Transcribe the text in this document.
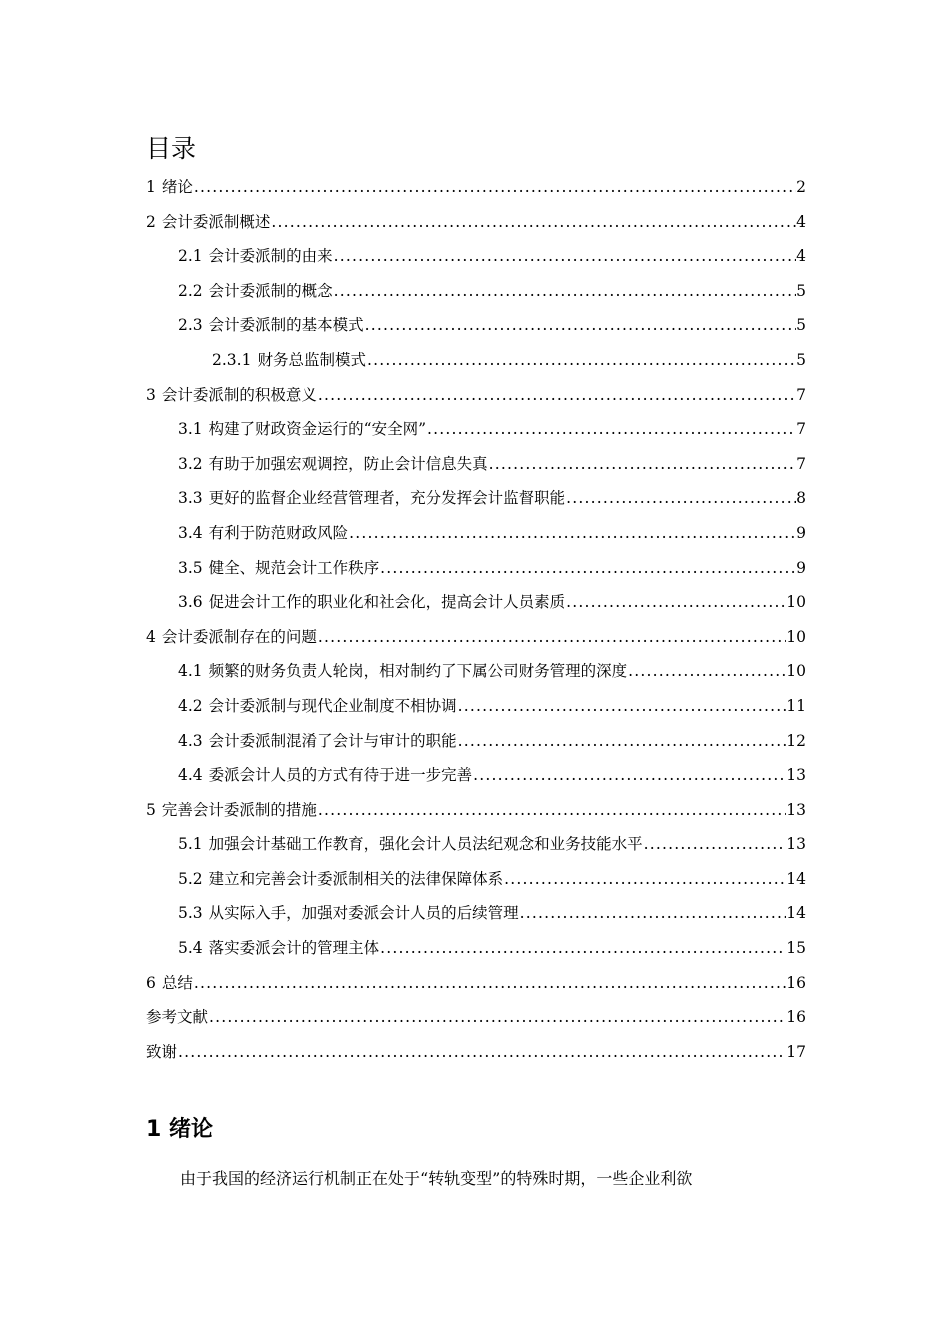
目录
1 绪论 .....	2
2 会计委派制概述 .....	4
2.1 会计委派制的由来 .....	4
2.2 会计委派制的概念 .....	5
2.3 会计委派制的基本模式 .....	5
2.3.1 财务总监制模式 .....	5
3 会计委派制的积极意义 .....	7
3.1 构建了财政资金运行的“安全网” .....	7
3.2 有助于加强宏观调控，防止会计信息失真 .....	7
3.3 更好的监督企业经营管理者，充分发挥会计监督职能 .....	8
3.4 有利于防范财政风险 .....	9
3.5 健全、规范会计工作秩序 .....	9
3.6 促进会计工作的职业化和社会化，提高会计人员素质 .....	10
4 会计委派制存在的问题 .....	10
4.1 频繁的财务负责人轮岗，相对制约了下属公司财务管理的深度 .....	10
4.2 会计委派制与现代企业制度不相协调 .....	11
4.3 会计委派制混淆了会计与审计的职能 .....	12
4.4 委派会计人员的方式有待于进一步完善 .....	13
5 完善会计委派制的措施 .....	13
5.1 加强会计基础工作教育，强化会计人员法纪观念和业务技能水平 .....	13
5.2 建立和完善会计委派制相关的法律保障体系 .....	14
5.3 从实际入手，加强对委派会计人员的后续管理 .....	14
5.4 落实委派会计的管理主体 .....	15
6 总结 .....	16
参考文献 .....	16
致谢 .....	17
1 绪论

由于我国的经济运行机制正在处于“转轨变型”的特殊时期，一些企业利欲
